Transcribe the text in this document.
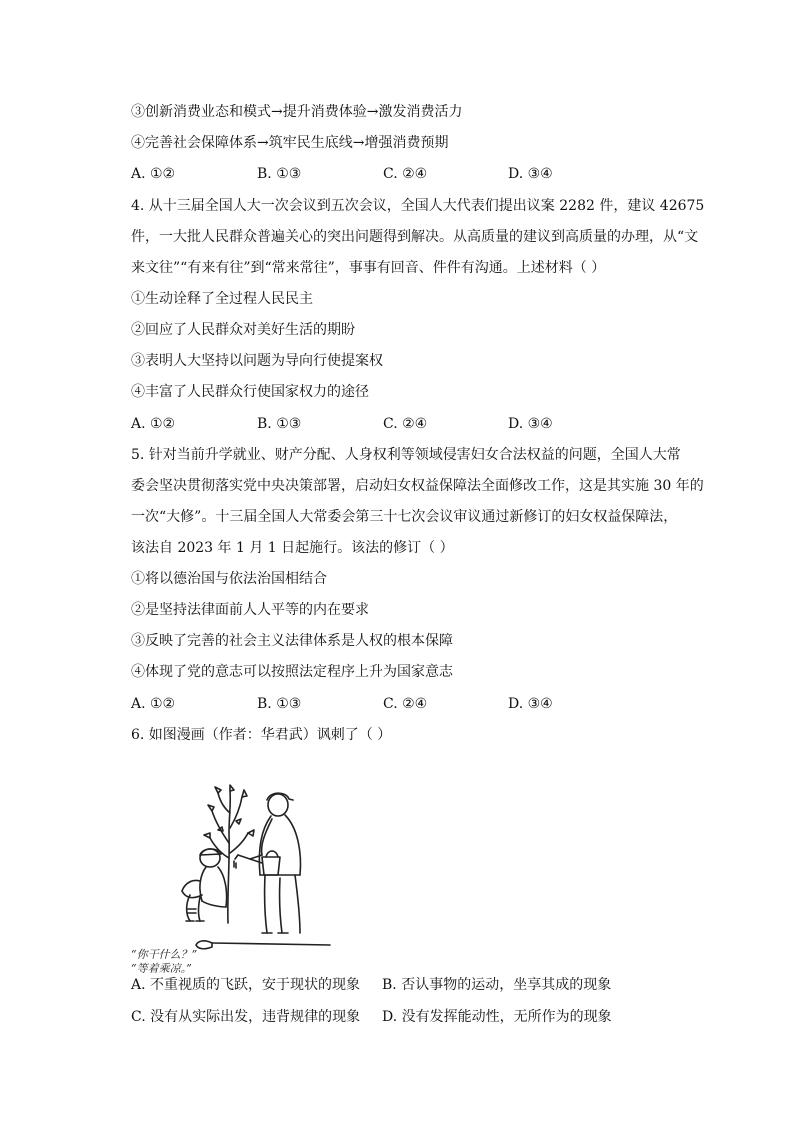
③创新消费业态和模式→提升消费体验→激发消费活力
④完善社会保障体系→筑牢民生底线→增强消费预期
A. ①②	B. ①③	C. ②④	D. ③④
4. 从十三届全国人大一次会议到五次会议，全国人大代表们提出议案 2282 件，建议 42675
件，一大批人民群众普遍关心的突出问题得到解决。从高质量的建议到高质量的办理，从“文
来文往”“有来有往”到“常来常往”，事事有回音、件件有沟通。上述材料（ ）
①生动诠释了全过程人民民主
②回应了人民群众对美好生活的期盼
③表明人大坚持以问题为导向行使提案权
④丰富了人民群众行使国家权力的途径
A. ①②	B. ①③	C. ②④	D. ③④
5. 针对当前升学就业、财产分配、人身权利等领域侵害妇女合法权益的问题，全国人大常
委会坚决贯彻落实党中央决策部署，启动妇女权益保障法全面修改工作，这是其实施 30 年的
一次“大修”。十三届全国人大常委会第三十七次会议审议通过新修订的妇女权益保障法，
该法自 2023 年 1 月 1 日起施行。该法的修订（ ）
①将以德治国与依法治国相结合
②是坚持法律面前人人平等的内在要求
③反映了完善的社会主义法律体系是人权的根本保障
④体现了党的意志可以按照法定程序上升为国家意志
A. ①②	B. ①③	C. ②④	D. ③④
6. 如图漫画（作者：华君武）讽刺了（ ）
“你干什么？”
“等着乘凉。”
A. 不重视质的飞跃，安于现状的现象 B. 否认事物的运动，坐享其成的现象
C. 没有从实际出发，违背规律的现象 D. 没有发挥能动性，无所作为的现象
